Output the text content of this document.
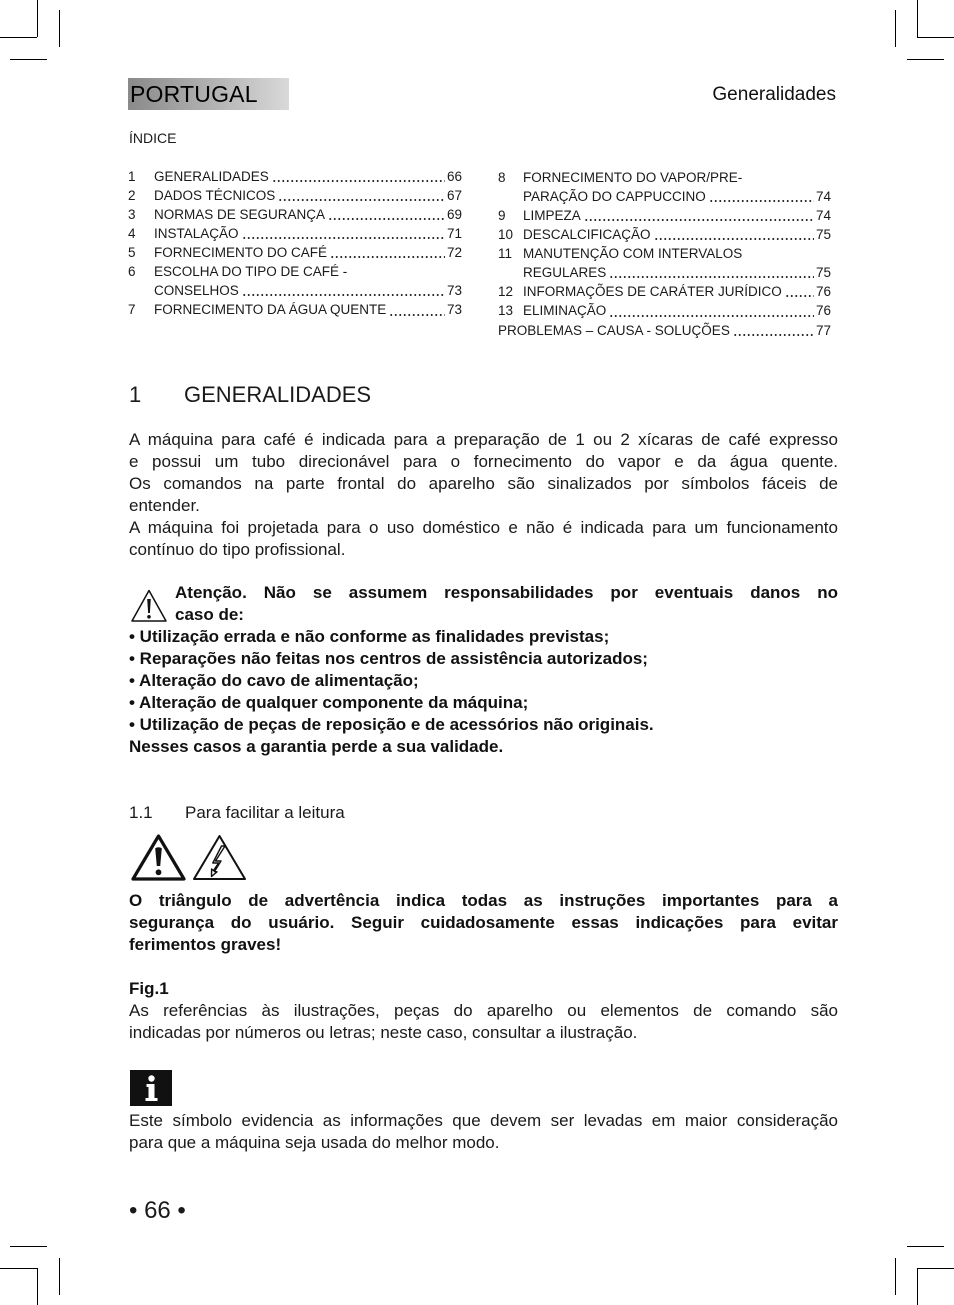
PORTUGAL	Generalidades
ÍNDICE
1	GENERALIDADES	66
2	DADOS TÉCNICOS	67
3	NORMAS DE SEGURANÇA	69
4	INSTALAÇÃO	71
5	FORNECIMENTO DO CAFÉ	72
6	ESCOLHA DO TIPO DE CAFÉ -
CONSELHOS	73
7	FORNECIMENTO DA ÁGUA QUENTE	73
8	FORNECIMENTO DO VAPOR/PRE-
PARAÇÃO DO CAPPUCCINO	74
9	LIMPEZA	74
10 DESCALCIFICAÇÃO	75
11 MANUTENÇÃO COM INTERVALOS
REGULARES	75
12 INFORMAÇÕES DE CARÁTER JURÍDICO	76
13 ELIMINAÇÃO	76
PROBLEMAS – CAUSA - SOLUÇÕES	77
1	GENERALIDADES
A máquina para café é indicada para a preparação de 1 ou 2 xícaras de café expresso
e possui um tubo direcionável para o fornecimento do vapor e da água quente.
Os comandos na parte frontal do aparelho são sinalizados por símbolos fáceis de
entender.
A máquina foi projetada para o uso doméstico e não é indicada para um funcionamento
contínuo do tipo profissional.
Atenção. Não se assumem responsabilidades por eventuais danos no
caso de:
• Utilização errada e não conforme as finalidades previstas;
• Reparações não feitas nos centros de assistência autorizados;
• Alteração do cavo de alimentação;
• Alteração de qualquer componente da máquina;
• Utilização de peças de reposição e de acessórios não originais.
Nesses casos a garantia perde a sua validade.
1.1	Para facilitar a leitura
O triângulo de advertência indica todas as instruções importantes para a
segurança do usuário. Seguir cuidadosamente essas indicações para evitar
ferimentos graves!
Fig.1
As referências às ilustrações, peças do aparelho ou elementos de comando são
indicadas por números ou letras; neste caso, consultar a ilustração.
Este símbolo evidencia as informações que devem ser levadas em maior consideração
para que a máquina seja usada do melhor modo.
• 66 •
